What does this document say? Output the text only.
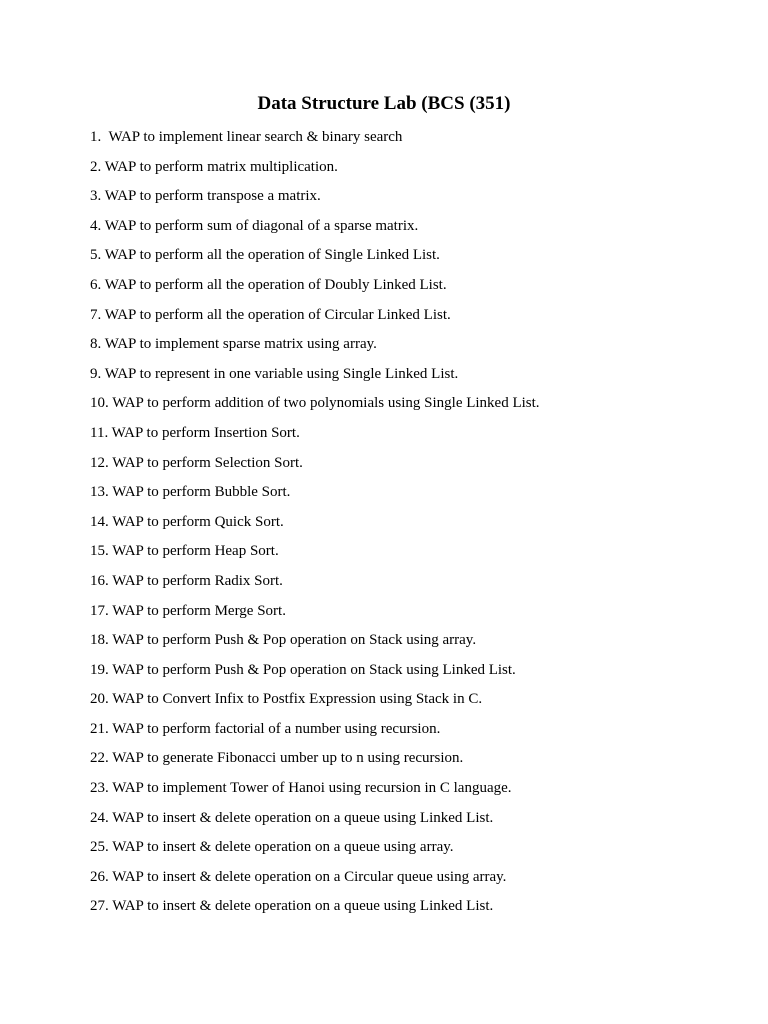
Data Structure Lab (BCS (351)
1.  WAP to implement linear search & binary search
2. WAP to perform matrix multiplication.
3. WAP to perform transpose a matrix.
4. WAP to perform sum of diagonal of a sparse matrix.
5. WAP to perform all the operation of Single Linked List.
6. WAP to perform all the operation of Doubly Linked List.
7. WAP to perform all the operation of Circular Linked List.
8. WAP to implement sparse matrix using array.
9. WAP to represent in one variable using Single Linked List.
10. WAP to perform addition of two polynomials using Single Linked List.
11. WAP to perform Insertion Sort.
12. WAP to perform Selection Sort.
13. WAP to perform Bubble Sort.
14. WAP to perform Quick Sort.
15. WAP to perform Heap Sort.
16. WAP to perform Radix Sort.
17. WAP to perform Merge Sort.
18. WAP to perform Push & Pop operation on Stack using array.
19. WAP to perform Push & Pop operation on Stack using Linked List.
20. WAP to Convert Infix to Postfix Expression using Stack in C.
21. WAP to perform factorial of a number using recursion.
22. WAP to generate Fibonacci umber up to n using recursion.
23. WAP to implement Tower of Hanoi using recursion in C language.
24. WAP to insert & delete operation on a queue using Linked List.
25. WAP to insert & delete operation on a queue using array.
26. WAP to insert & delete operation on a Circular queue using array.
27. WAP to insert & delete operation on a queue using Linked List.
